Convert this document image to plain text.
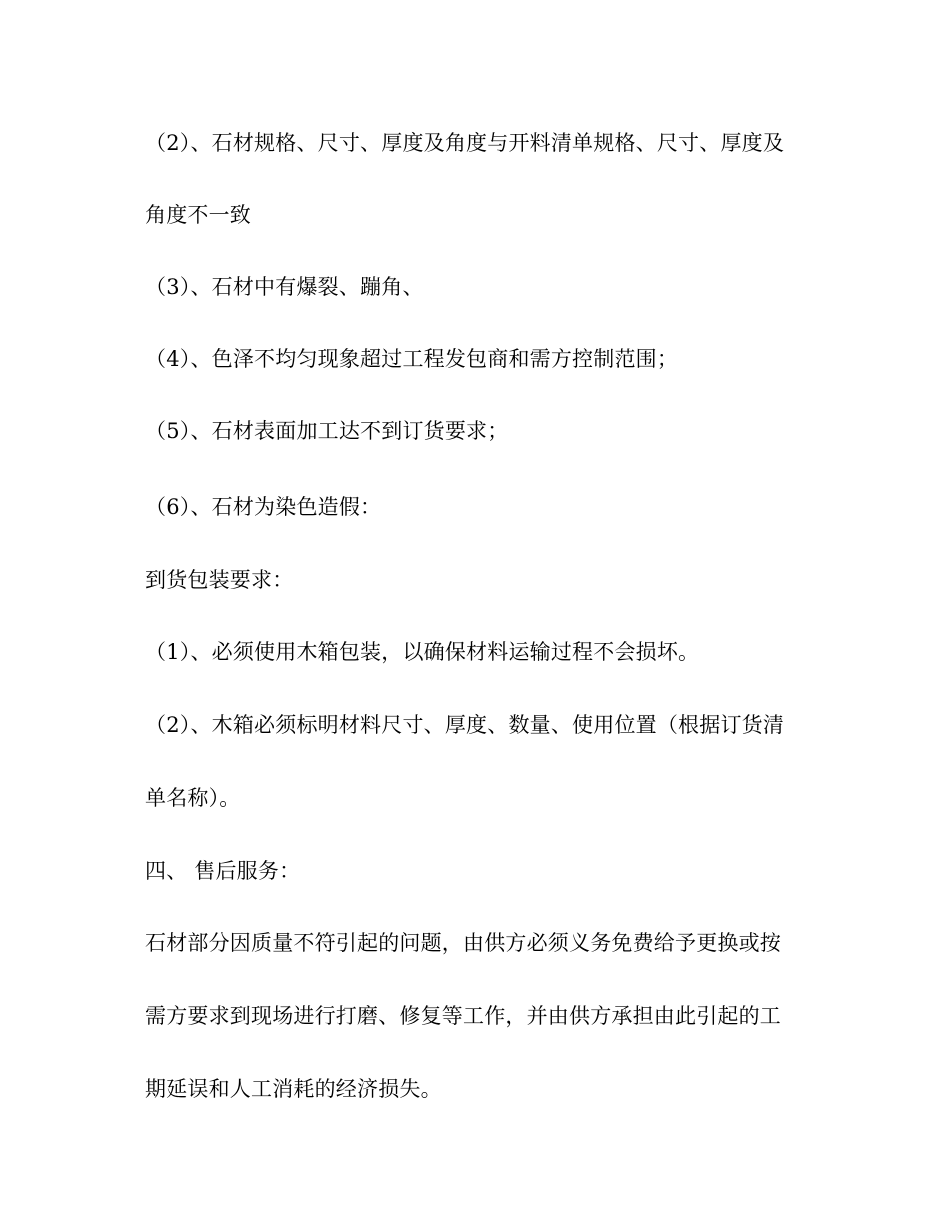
（2）、石材规格、尺寸、厚度及角度与开料清单规格、尺寸、厚度及
角度不一致
（3）、石材中有爆裂、蹦角、
（4）、色泽不均匀现象超过工程发包商和需方控制范围；
（5）、石材表面加工达不到订货要求；
（6）、石材为染色造假：
到货包装要求：
（1）、必须使用木箱包装，以确保材料运输过程不会损坏。
（2）、木箱必须标明材料尺寸、厚度、数量、使用位置（根据订货清
单名称）。
四、 售后服务：
石材部分因质量不符引起的问题，由供方必须义务免费给予更换或按
需方要求到现场进行打磨、修复等工作，并由供方承担由此引起的工
期延误和人工消耗的经济损失。
